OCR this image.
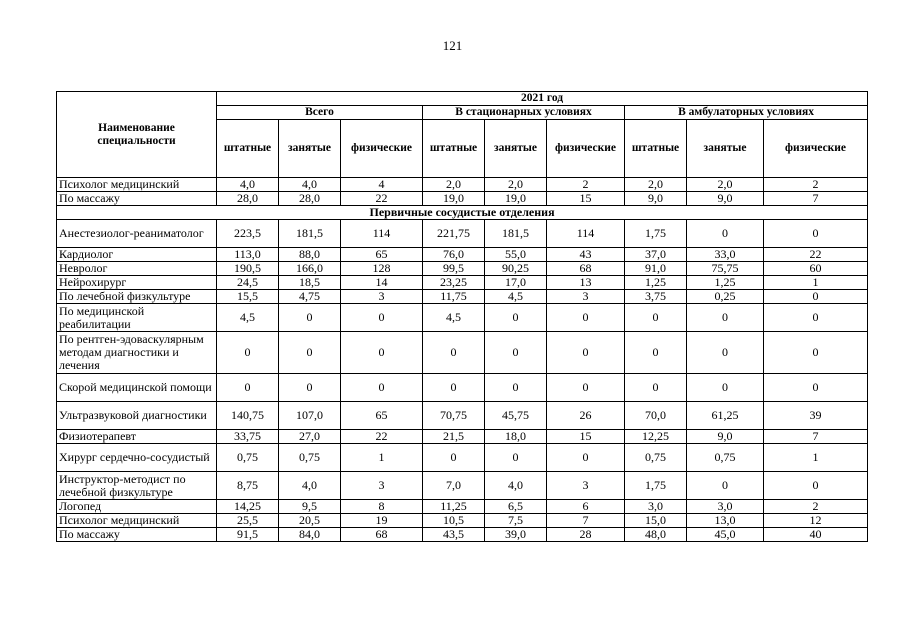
121
Наименование специальности	2021 год								
	Всего			В стационарных условиях			В амбулаторных условиях		
	штатные	занятые	физические	штатные	занятые	физические	штатные	занятые	физические
Психолог медицинский	4,0	4,0	4	2,0	2,0	2	2,0	2,0	2
По массажу	28,0	28,0	22	19,0	19,0	15	9,0	9,0	7
Первичные сосудистые отделения									
Анестезиолог-реаниматолог	223,5	181,5	114	221,75	181,5	114	1,75	0	0
Кардиолог	113,0	88,0	65	76,0	55,0	43	37,0	33,0	22
Невролог	190,5	166,0	128	99,5	90,25	68	91,0	75,75	60
Нейрохирург	24,5	18,5	14	23,25	17,0	13	1,25	1,25	1
По лечебной физкультуре	15,5	4,75	3	11,75	4,5	3	3,75	0,25	0
По медицинской реабилитации	4,5	0	0	4,5	0	0	0	0	0
По рентген-эдоваскулярным методам диагностики и лечения	0	0	0	0	0	0	0	0	0
Скорой медицинской помощи	0	0	0	0	0	0	0	0	0
Ультразвуковой диагностики	140,75	107,0	65	70,75	45,75	26	70,0	61,25	39
Физиотерапевт	33,75	27,0	22	21,5	18,0	15	12,25	9,0	7
Хирург сердечно-сосудистый	0,75	0,75	1	0	0	0	0,75	0,75	1
Инструктор-методист по лечебной физкультуре	8,75	4,0	3	7,0	4,0	3	1,75	0	0
Логопед	14,25	9,5	8	11,25	6,5	6	3,0	3,0	2
Психолог медицинский	25,5	20,5	19	10,5	7,5	7	15,0	13,0	12
По массажу	91,5	84,0	68	43,5	39,0	28	48,0	45,0	40
